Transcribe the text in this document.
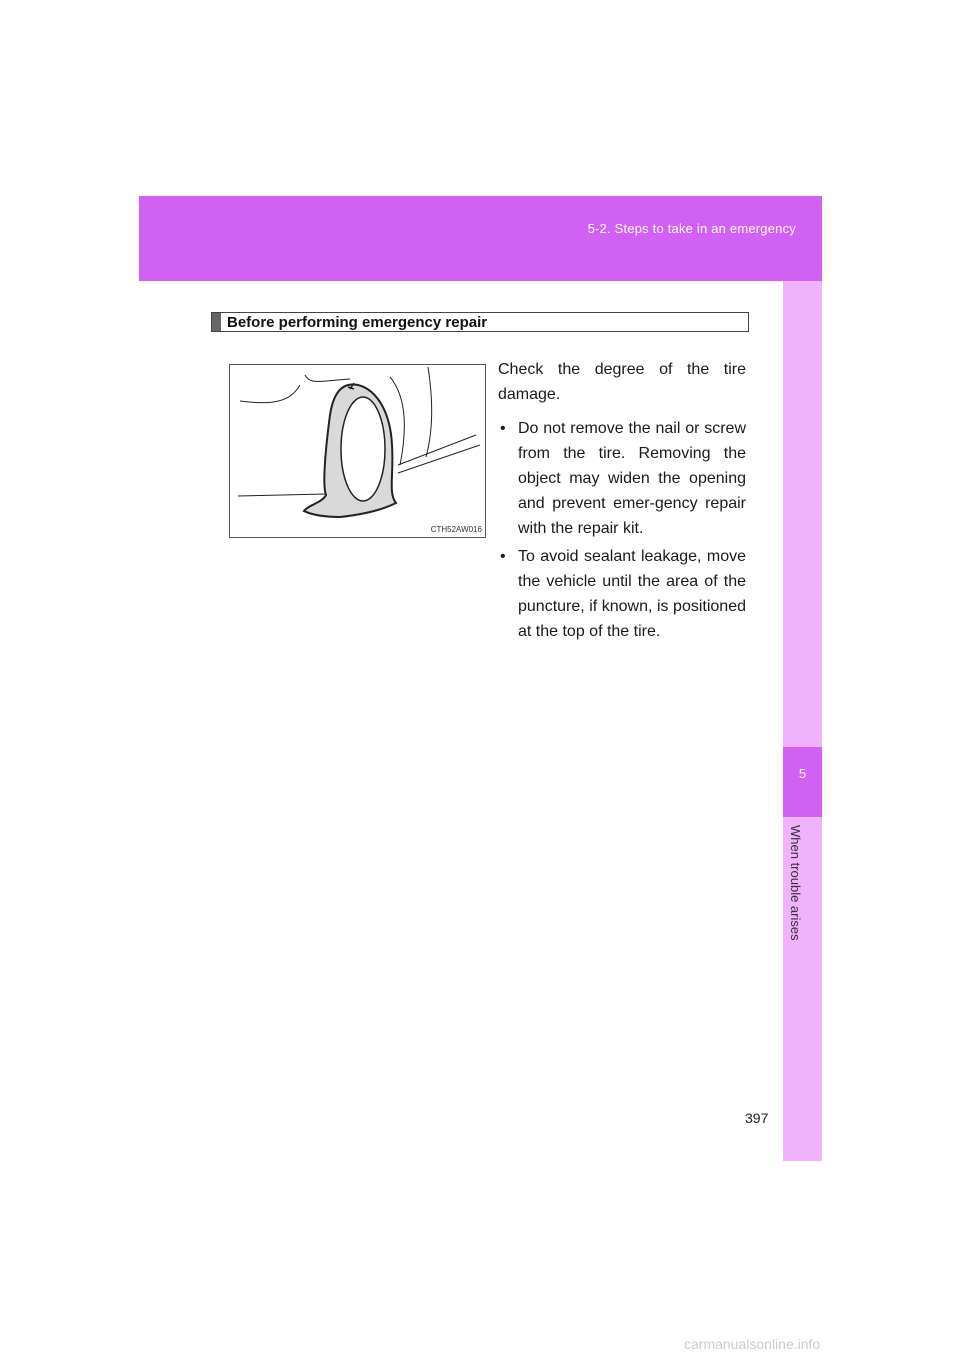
5-2. Steps to take in an emergency
5
When trouble arises
Before performing emergency repair
CTH52AW016

Check the degree of the tire damage.

• Do not remove the nail or screw from the tire. Removing the object may widen the opening and prevent emer-gency repair with the repair kit.
• To avoid sealant leakage, move the vehicle until the area of the puncture, if known, is positioned at the top of the tire.
397
carmanualsonline.info
